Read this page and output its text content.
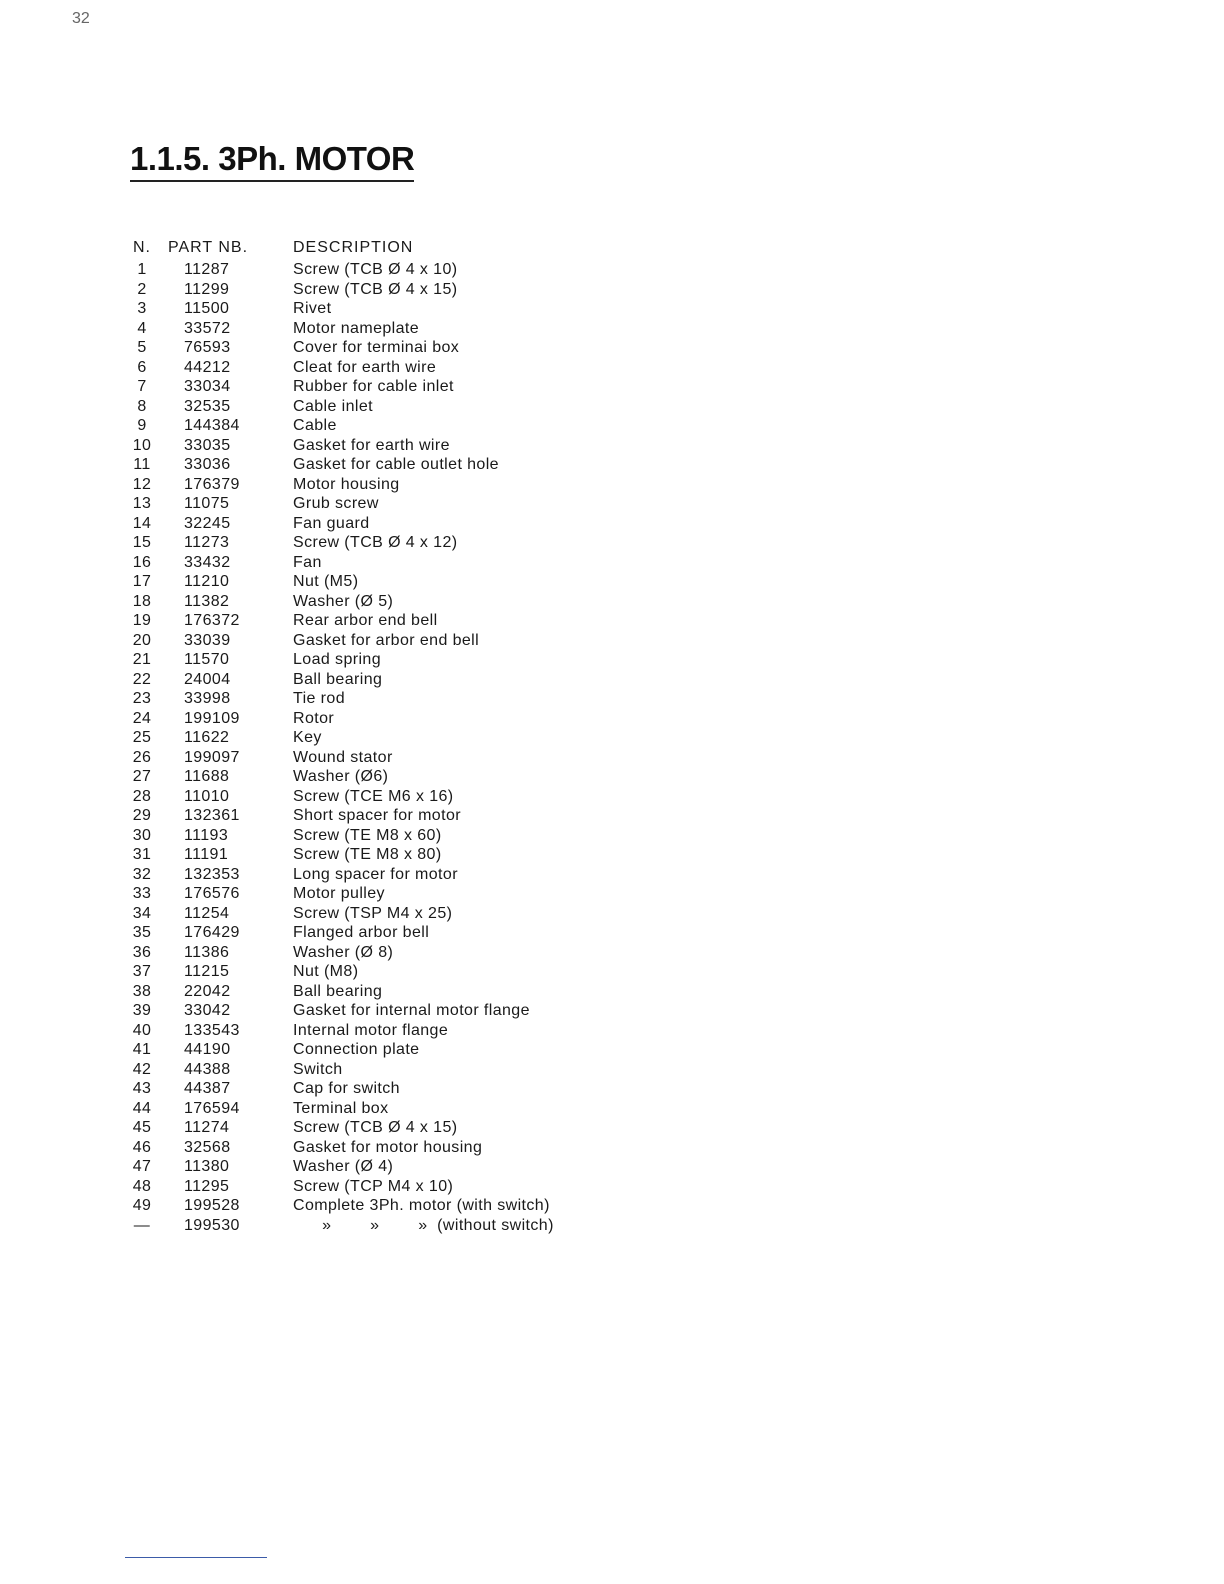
32
1.1.5. 3Ph. MOTOR
N.	PART NB.	DESCRIPTION
1	11287	Screw (TCB Ø 4 x 10)
2	11299	Screw (TCB Ø 4 x 15)
3	11500	Rivet
4	33572	Motor nameplate
5	76593	Cover for terminai box
6	44212	Cleat for earth wire
7	33034	Rubber for cable inlet
8	32535	Cable inlet
9	144384	Cable
10	33035	Gasket for earth wire
11	33036	Gasket for cable outlet hole
12	176379	Motor housing
13	11075	Grub screw
14	32245	Fan guard
15	11273	Screw (TCB Ø 4 x 12)
16	33432	Fan
17	11210	Nut (M5)
18	11382	Washer (Ø 5)
19	176372	Rear arbor end bell
20	33039	Gasket for arbor end bell
21	11570	Load spring
22	24004	Ball bearing
23	33998	Tie rod
24	199109	Rotor
25	11622	Key
26	199097	Wound stator
27	11688	Washer (Ø6)
28	11010	Screw (TCE M6 x 16)
29	132361	Short spacer for motor
30	11193	Screw (TE M8 x 60)
31	11191	Screw (TE M8 x 80)
32	132353	Long spacer for motor
33	176576	Motor pulley
34	11254	Screw (TSP M4 x 25)
35	176429	Flanged arbor bell
36	11386	Washer (Ø 8)
37	11215	Nut (M8)
38	22042	Ball bearing
39	33042	Gasket for internal motor flange
40	133543	Internal motor flange
41	44190	Connection plate
42	44388	Switch
43	44387	Cap for switch
44	176594	Terminal box
45	11274	Screw (TCB Ø 4 x 15)
46	32568	Gasket for motor housing
47	11380	Washer (Ø 4)
48	11295	Screw (TCP M4 x 10)
49	199528	Complete 3Ph. motor (with switch)
—	199530	»        »        »  (without switch)
